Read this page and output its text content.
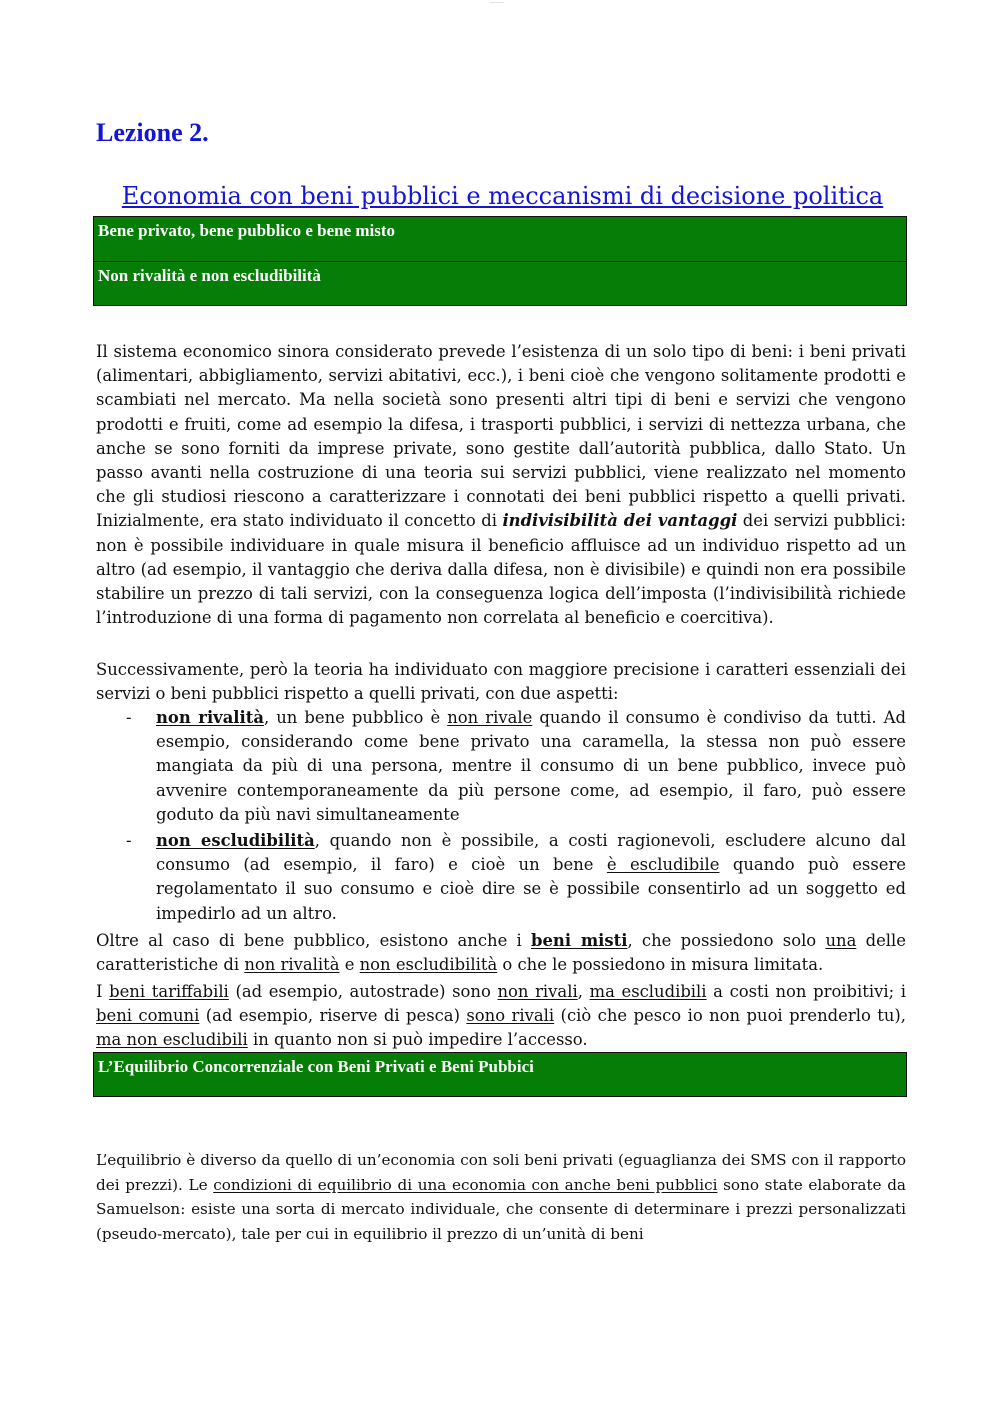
----------
Lezione 2.
Economia con beni pubblici e meccanismi di decisione politica
Bene privato, bene pubblico e bene misto
Non rivalità e non escludibilità

Il sistema economico sinora considerato prevede l’esistenza di un solo tipo di beni: i beni privati (alimentari, abbigliamento, servizi abitativi, ecc.), i beni cioè che vengono solitamente prodotti e scambiati nel mercato. Ma nella società sono presenti altri tipi di beni e servizi che vengono prodotti e fruiti, come ad esempio la difesa, i trasporti pubblici, i servizi di nettezza urbana, che anche se sono forniti da imprese private, sono gestite dall’autorità pubblica, dallo Stato. Un passo avanti nella costruzione di una teoria sui servizi pubblici, viene realizzato nel momento che gli studiosi riescono a caratterizzare i connotati dei beni pubblici rispetto a quelli privati. Inizialmente, era stato individuato il concetto di indivisibilità dei vantaggi dei servizi pubblici: non è possibile individuare in quale misura il beneficio affluisce ad un individuo rispetto ad un altro (ad esempio, il vantaggio che deriva dalla difesa, non è divisibile) e quindi non era possibile stabilire un prezzo di tali servizi, con la conseguenza logica dell’imposta (l’indivisibilità richiede l’introduzione di una forma di pagamento non correlata al beneficio e coercitiva).

Successivamente, però la teoria ha individuato con maggiore precisione i caratteri essenziali dei servizi o beni pubblici rispetto a quelli privati, con due aspetti:

- non rivalità, un bene pubblico è non rivale quando il consumo è condiviso da tutti. Ad esempio, considerando come bene privato una caramella, la stessa non può essere mangiata da più di una persona, mentre il consumo di un bene pubblico, invece può avvenire contemporaneamente da più persone come, ad esempio, il faro, può essere goduto da più navi simultaneamente
- non escludibilità, quando non è possibile, a costi ragionevoli, escludere alcuno dal consumo (ad esempio, il faro) e cioè un bene è escludibile quando può essere regolamentato il suo consumo e cioè dire se è possibile consentirlo ad un soggetto ed impedirlo ad un altro.

Oltre al caso di bene pubblico, esistono anche i beni misti, che possiedono solo una delle caratteristiche di non rivalità e non escludibilità o che le possiedono in misura limitata.

I beni tariffabili (ad esempio, autostrade) sono non rivali, ma escludibili a costi non proibitivi; i beni comuni (ad esempio, riserve di pesca) sono rivali (ciò che pesco io non puoi prenderlo tu), ma non escludibili in quanto non si può impedire l’accesso.

L’Equilibrio Concorrenziale con Beni Privati e Beni Pubbici

L’equilibrio è diverso da quello di un’economia con soli beni privati (eguaglianza dei SMS con il rapporto dei prezzi). Le condizioni di equilibrio di una economia con anche beni pubblici sono state elaborate da Samuelson: esiste una sorta di mercato individuale, che consente di determinare i prezzi personalizzati (pseudo-mercato), tale per cui in equilibrio il prezzo di un’unità di beni
